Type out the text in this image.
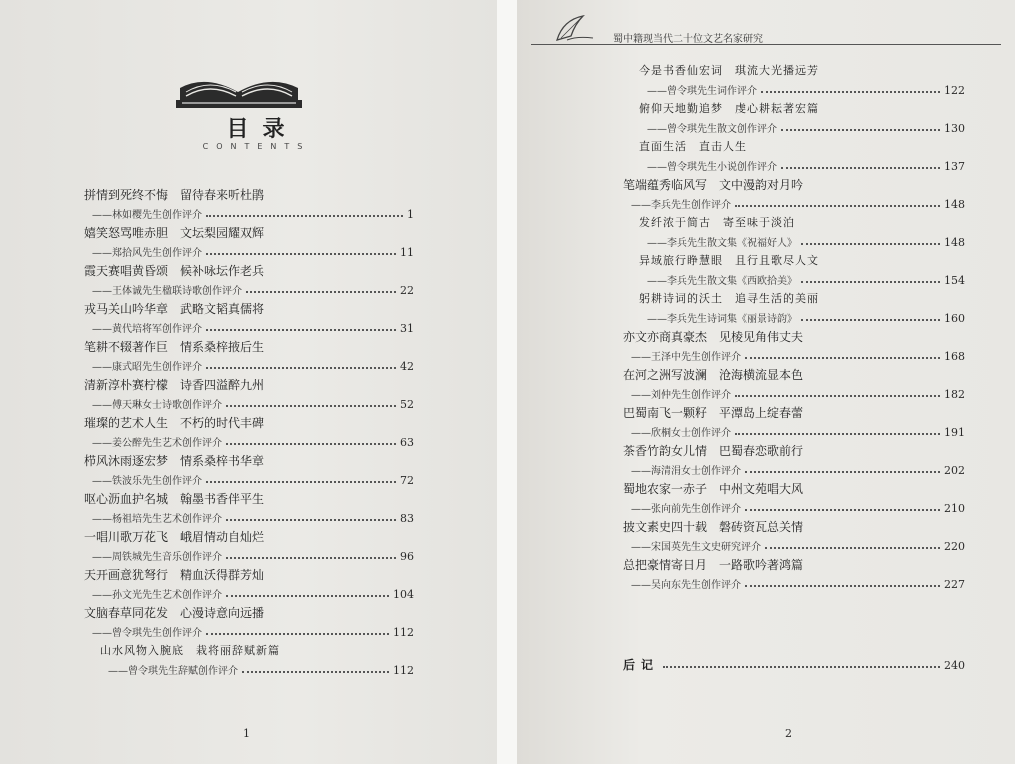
目录
CONTENTS
拼情到死终不悔　留待春来听杜鹃
——林如樱先生创作评介	1
嬉笑怒骂唯赤胆　文坛梨园耀双辉
——郑拾风先生创作评介	11
霞天赛唱黄昏颂　候补咏坛作老兵
——王体诚先生楹联诗歌创作评介	22
戎马关山吟华章　武略文韬真儒将
——黄代培将军创作评介	31
笔耕不辍著作巨　情系桑梓掖后生
——康式昭先生创作评介	42
清新淳朴赛柠檬　诗香四溢醉九州
——傅天琳女士诗歌创作评介	52
璀璨的艺术人生　不朽的时代丰碑
——姜公醉先生艺术创作评介	63
栉风沐雨逐宏梦　情系桑梓书华章
——铁波乐先生创作评介	72
呕心沥血护名城　翰墨书香伴平生
——杨祖培先生艺术创作评介	83
一唱川歌万花飞　峨眉情动自灿烂
——周铁城先生音乐创作评介	96
天开画意犹弩行　精血沃得群芳灿
——孙文光先生艺术创作评介	104
文脑春草同花发　心漫诗意向远播
——曾令琪先生创作评介	112
山水风物入腕底　栽将丽辞赋新篇
——曾令琪先生辞赋创作评介	112
1
蜀中籍现当代二十位文艺名家研究
今是书香仙宏词　琪流大光播远芳
——曾令琪先生词作评介	122
俯仰天地勤追梦　虔心耕耘著宏篇
——曾令琪先生散文创作评介	130
直面生活　直击人生
——曾令琪先生小说创作评介	137
笔端蕴秀临风写　文中漫韵对月吟
——李兵先生创作评介	148
发纤浓于简古　寄至味于淡泊
——李兵先生散文集《祝福好人》	148
异域旅行睁慧眼　且行且歌尽人文
——李兵先生散文集《西欧拾美》	154
躬耕诗词的沃土　追寻生活的美丽
——李兵先生诗词集《丽景诗韵》	160
亦文亦商真豪杰　见棱见角伟丈夫
——王泽中先生创作评介	168
在河之洲写波澜　沧海横流显本色
——刘仲先生创作评介	182
巴蜀南飞一颗籽　平潭岛上绽春蕾
——欣桐女士创作评介	191
茶香竹韵女儿情　巴蜀春恋歌前行
——海清涓女士创作评介	202
蜀地农家一赤子　中州文苑唱大风
——张向前先生创作评介	210
披文素史四十载　磐砖资瓦总关情
——宋国英先生文史研究评介	220
总把豪情寄日月　一路歌吟著鸿篇
——吴向东先生创作评介	227
后记	240
2
